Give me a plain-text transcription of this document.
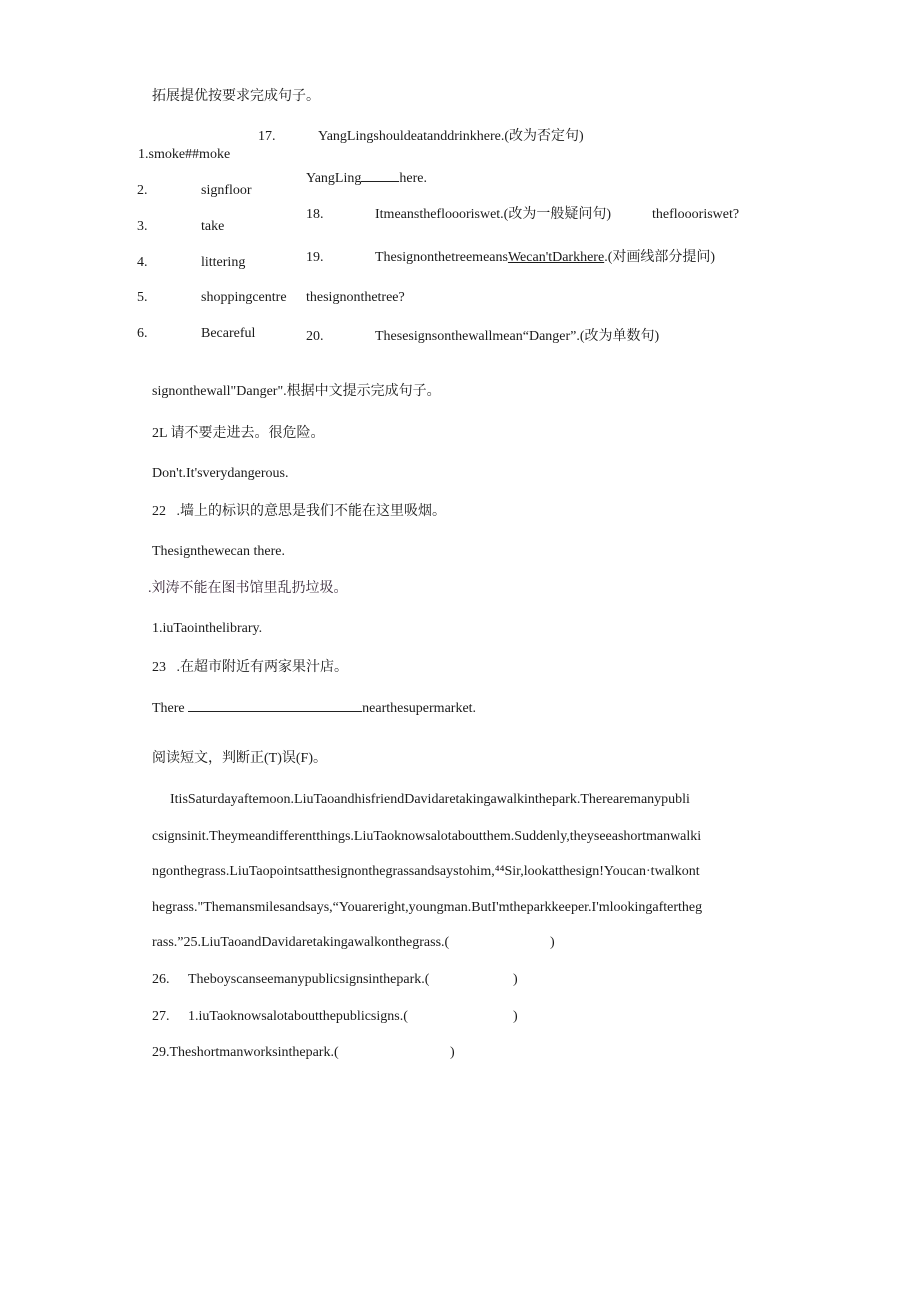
拓展提优按要求完成句子。
1.smoke##moke
2.	signfloor
3.	take
4.	littering
5.	shoppingcentre
6.	Becareful
17.	YangLingshouldeatanddrinkhere.(改为否定句)
YangLing	here.
18.	Itmeansthefloooriswet.(改为一般疑问句)	thefloooriswet?
19.	ThesignonthetreemeansWecan'tDarkhere.(对画线部分提问)
thesignonthetree?
20.	Thesesignsonthewallmean“Danger”.(改为单数句)
signonthewall"Danger".根据中文提示完成句子。
2L 请不要走进去。很危险。
Don't.It'sverydangerous.
22 .墙上的标识的意思是我们不能在这里吸烟。
Thesignthewecan there.
.刘涛不能在图书馆里乱扔垃圾。
1.iuTaointhelibrary.
23 .在超市附近有两家果汁店。
There	nearthesupermarket.
阅读短文，判断正(T)误(F)。
ItisSaturdayaftemoon.LiuTaoandhisfriendDavidaretakingawalkinthepark.Therearemanypubli
csignsinit.Theymeandifferentthings.LiuTaoknowsalotaboutthem.Suddenly,theyseeashortmanwalki
ngonthegrass.LiuTaopointsatthesignonthegrassandsaystohim,⁴⁴Sir,lookatthesign!Youcan·twalkont
hegrass."Themansmilesandsays,“Youareright,youngman.ButI'mtheparkkeeper.I'mlookingaftertheg
rass.”25.LiuTaoandDavidaretakingawalkonthegrass.(	)
26. Theboyscanseemanypublicsignsinthepark.(	)
27. 1.iuTaoknowsalotaboutthepublicsigns.(	)
29.Theshortmanworksinthepark.(	)
